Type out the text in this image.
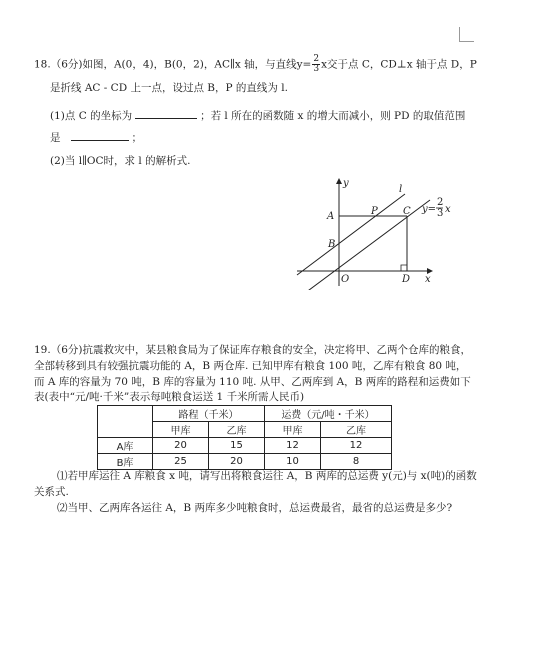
18.（6分)如图，A(0，4)，B(0，2)，AC∥x 轴，与直线$y= \frac{2}{3}$ x交于点 C，CD⊥x 轴于点 D，P
是折线 AC - CD 上一点，设过点 B，P 的直线为 l.
(1)点 C 的坐标为	；若 l 所在的函数随 x 的增大而减小，则 PD 的取值范围
是	；
(2)当 l∥OC时，求 l 的解析式.
y
x
l
A
B
P	C
O	D
y=
2
3 x
19.（6分)抗震救灾中，某县粮食局为了保证库存粮食的安全，决定将甲、乙两个仓库的粮食，
全部转移到具有较强抗震功能的 A，B 两仓库. 已知甲库有粮食 100 吨，乙库有粮食 80 吨，
而 A 库的容量为 70 吨，B 库的容量为 110 吨. 从甲、乙两库到 A，B 两库的路程和运费如下
表(表中“元/吨·千米”表示每吨粮食运送 1 千米所需人民币)
	路程（千米）		运费（元/吨・千米）	
	甲库	乙库	甲库	乙库
A库	20	15	12	12
B库	25	20	10	8
⑴若甲库运往 A 库粮食 x 吨，请写出将粮食运往 A，B 两库的总运费 y(元)与 x(吨)的函数
关系式.
⑵当甲、乙两库各运往 A，B 两库多少吨粮食时，总运费最省，最省的总运费是多少?
